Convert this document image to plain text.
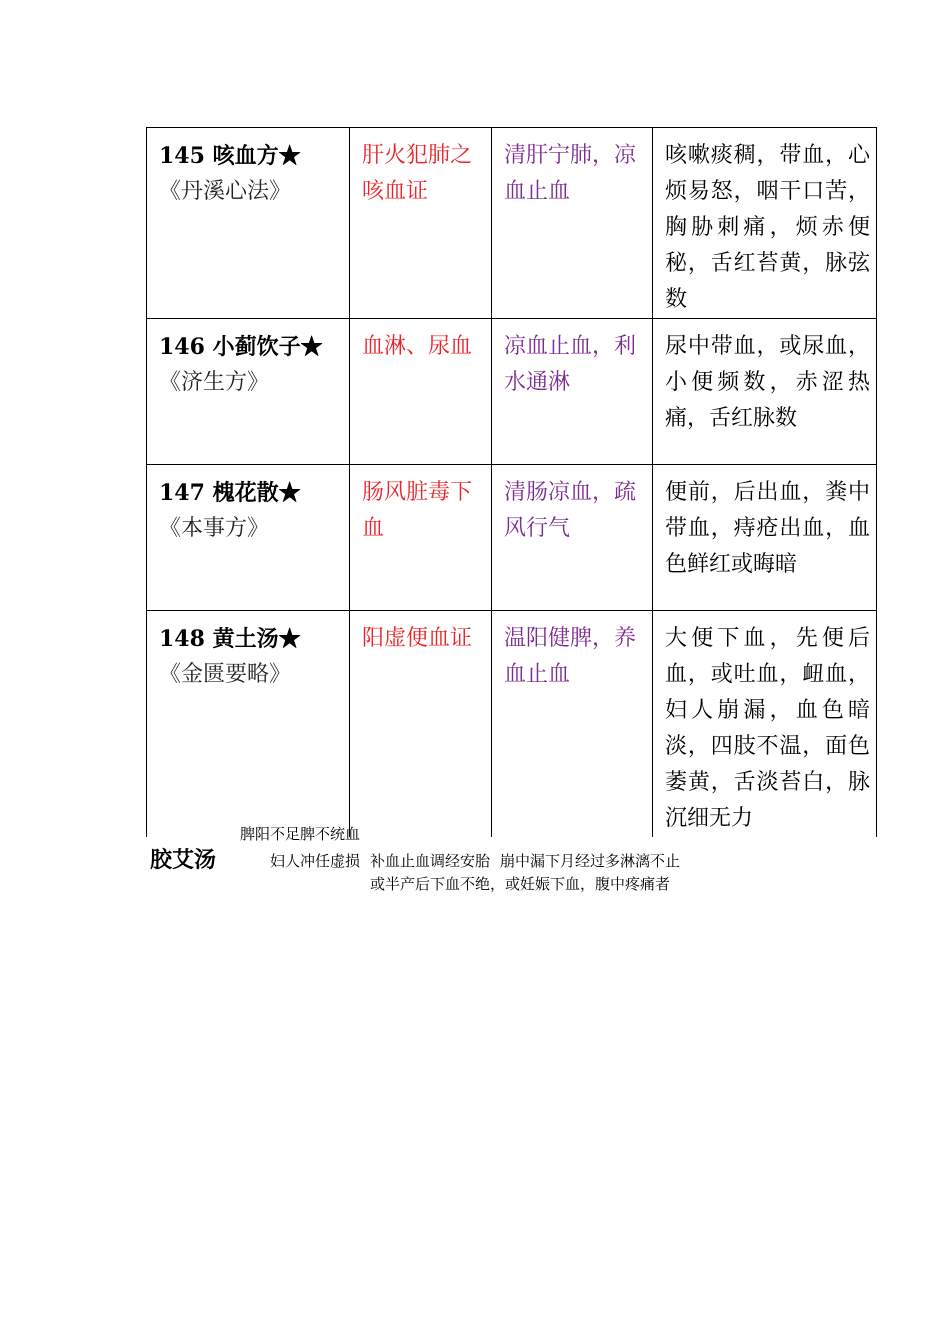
145 咳血方★
《丹溪心法》	肝火犯肺之咳血证	清肝宁肺，凉血止血	咳嗽痰稠，带血，心烦易怒，咽干口苦，胸胁刺痛，烦赤便秘，舌红苔黄，脉弦数

146 小蓟饮子★
《济生方》	血淋、尿血	凉血止血，利水通淋	尿中带血，或尿血，小便频数，赤涩热痛，舌红脉数

147 槐花散★
《本事方》	肠风脏毒下血	清肠凉血，疏风行气	便前，后出血，粪中带血，痔疮出血，血色鲜红或晦暗

148 黄土汤★
《金匮要略》	阳虚便血证	温阳健脾，养血止血	大便下血，先便后血，或吐血，衄血，妇人崩漏，血色暗淡，四肢不温，面色萎黄，舌淡苔白，脉沉细无力
脾阳不足脾不统血
胶艾汤	妇人冲任虚损 补血止血调经安胎 崩中漏下月经过多淋漓不止
或半产后下血不绝，或妊娠下血，腹中疼痛者
